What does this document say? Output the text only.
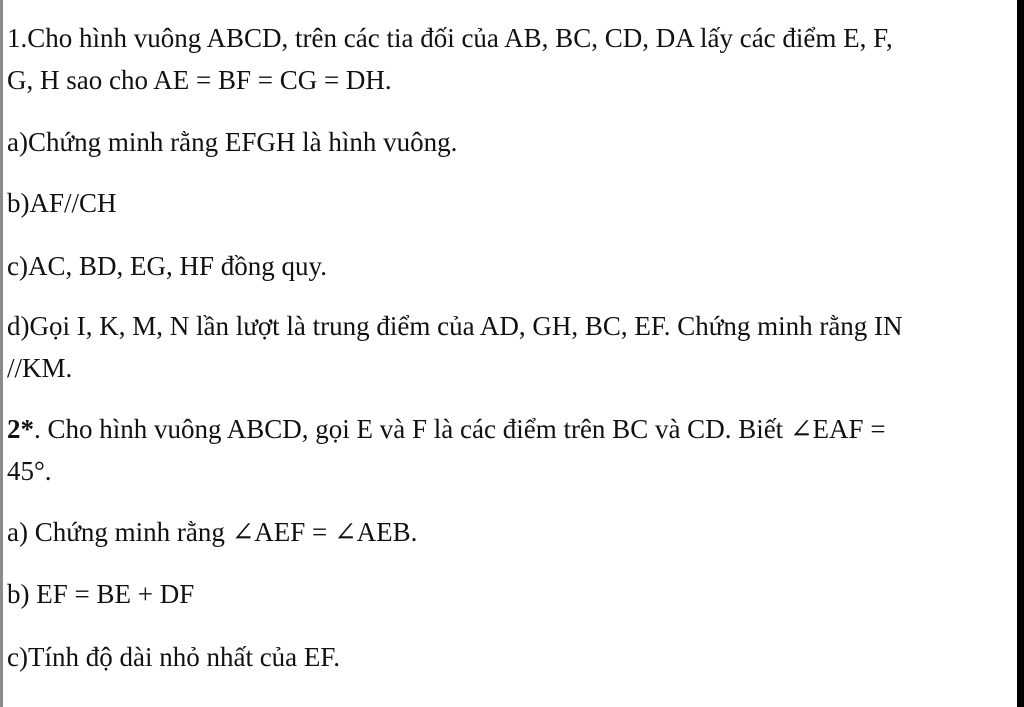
1.Cho hình vuông ABCD, trên các tia đối của AB, BC, CD, DA lấy các điểm E, F,

G, H sao cho AE = BF = CG = DH.

a)Chứng minh rằng EFGH là hình vuông.

b)AF//CH

c)AC, BD, EG, HF đồng quy.

d)Gọi I, K, M, N lần lượt là trung điểm của AD, GH, BC, EF. Chứng minh rằng IN

//KM.

2*. Cho hình vuông ABCD, gọi E và F là các điểm trên BC và CD. Biết ∠EAF =

45°.

a) Chứng minh rằng ∠AEF = ∠AEB.

b) EF = BE + DF

c)Tính độ dài nhỏ nhất của EF.
